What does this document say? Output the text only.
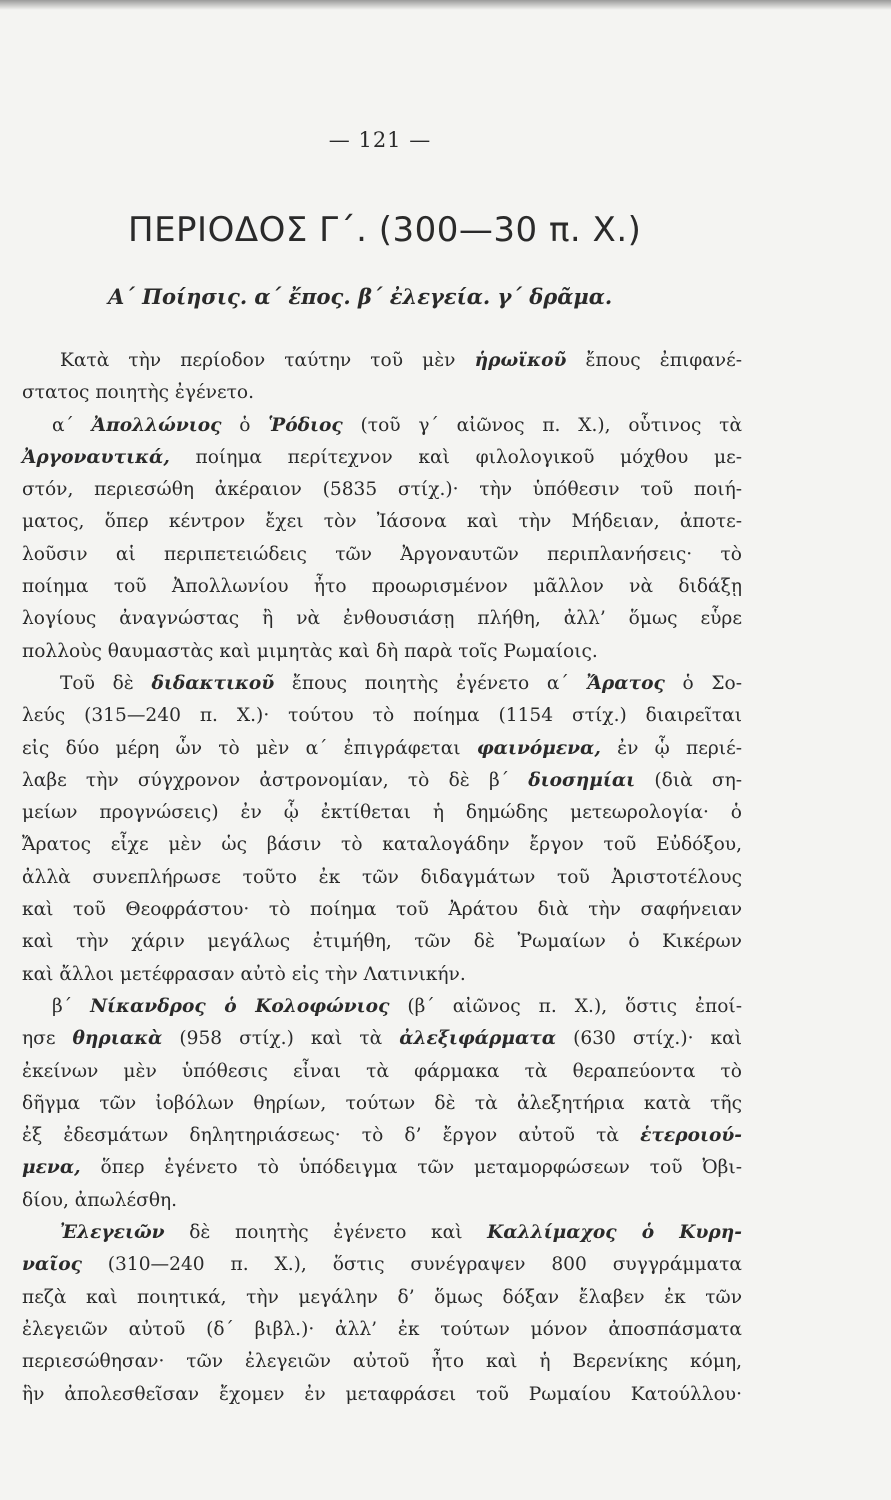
— 121 —
ΠΕΡΙΟΔΟΣ Γ΄. (300—30 π. Χ.)
Α΄ Ποίησις. α΄ ἔπος. β΄ ἐλεγεία. γ΄ δρᾶμα.
Κατὰ τὴν περίοδον ταύτην τοῦ μὲν ἡρωϊκοῦ ἔπους ἐπιφανέ-
στατος ποιητὴς ἐγένετο.
α΄ Ἀπολλώνιος ὁ Ῥόδιος (τοῦ γ΄ αἰῶνος π. Χ.), οὗτινος τὰ
Ἀργοναυτικά, ποίημα περίτεχνον καὶ φιλολογικοῦ μόχθου με-
στόν, περιεσώθη ἀκέραιον (5835 στίχ.)· τὴν ὑπόθεσιν τοῦ ποιή-
ματος, ὅπερ κέντρον ἔχει τὸν Ἰάσονα καὶ τὴν Μήδειαν, ἀποτε-
λοῦσιν αἱ περιπετειώδεις τῶν Ἀργοναυτῶν περιπλανήσεις· τὸ
ποίημα τοῦ Ἀπολλωνίου ἦτο προωρισμένον μᾶλλον νὰ διδάξῃ
λογίους ἀναγνώστας ἢ νὰ ἐνθουσιάσῃ πλήθη, ἀλλ’ ὅμως εὗρε
πολλοὺς θαυμαστὰς καὶ μιμητὰς καὶ δὴ παρὰ τοῖς Ρωμαίοις.
Τοῦ δὲ διδακτικοῦ ἔπους ποιητὴς ἐγένετο α΄ Ἄρατος ὁ Σο-
λεύς (315—240 π. Χ.)· τούτου τὸ ποίημα (1154 στίχ.) διαιρεῖται
εἰς δύο μέρη ὧν τὸ μὲν α΄ ἐπιγράφεται φαινόμενα, ἐν ᾧ περιέ-
λαβε τὴν σύγχρονον ἀστρονομίαν, τὸ δὲ β΄ διοσημίαι (διὰ ση-
μείων προγνώσεις) ἐν ᾧ ἐκτίθεται ἡ δημώδης μετεωρολογία· ὁ
Ἄρατος εἶχε μὲν ὡς βάσιν τὸ καταλογάδην ἔργον τοῦ Εὐδόξου,
ἀλλὰ συνεπλήρωσε τοῦτο ἐκ τῶν διδαγμάτων τοῦ Ἀριστοτέλους
καὶ τοῦ Θεοφράστου· τὸ ποίημα τοῦ Ἀράτου διὰ τὴν σαφήνειαν
καὶ τὴν χάριν μεγάλως ἐτιμήθη, τῶν δὲ Ῥωμαίων ὁ Κικέρων
καὶ ἄλλοι μετέφρασαν αὐτὸ εἰς τὴν Λατινικήν.
β΄ Νίκανδρος ὁ Κολοφώνιος (β΄ αἰῶνος π. Χ.), ὅστις ἐποί-
ησε θηριακὰ (958 στίχ.) καὶ τὰ ἀλεξιφάρματα (630 στίχ.)· καὶ
ἐκείνων μὲν ὑπόθεσις εἶναι τὰ φάρμακα τὰ θεραπεύοντα τὸ
δῆγμα τῶν ἰοβόλων θηρίων, τούτων δὲ τὰ ἀλεξητήρια κατὰ τῆς
ἐξ ἐδεσμάτων δηλητηριάσεως· τὸ δ’ ἔργον αὐτοῦ τὰ ἑτεροιού-
μενα, ὅπερ ἐγένετο τὸ ὑπόδειγμα τῶν μεταμορφώσεων τοῦ Ὀβι-
δίου, ἀπωλέσθη.
Ἐλεγειῶν δὲ ποιητὴς ἐγένετο καὶ Καλλίμαχος ὁ Κυρη-
ναῖος (310—240 π. Χ.), ὅστις συνέγραψεν 800 συγγράμματα
πεζὰ καὶ ποιητικά, τὴν μεγάλην δ’ ὅμως δόξαν ἔλαβεν ἐκ τῶν
ἐλεγειῶν αὐτοῦ (δ΄ βιβλ.)· ἀλλ’ ἐκ τούτων μόνον ἀποσπάσματα
περιεσώθησαν· τῶν ἐλεγειῶν αὐτοῦ ἦτο καὶ ἡ Βερενίκης κόμη,
ἣν ἀπολεσθεῖσαν ἔχομεν ἐν μεταφράσει τοῦ Ρωμαίου Κατούλλου·
